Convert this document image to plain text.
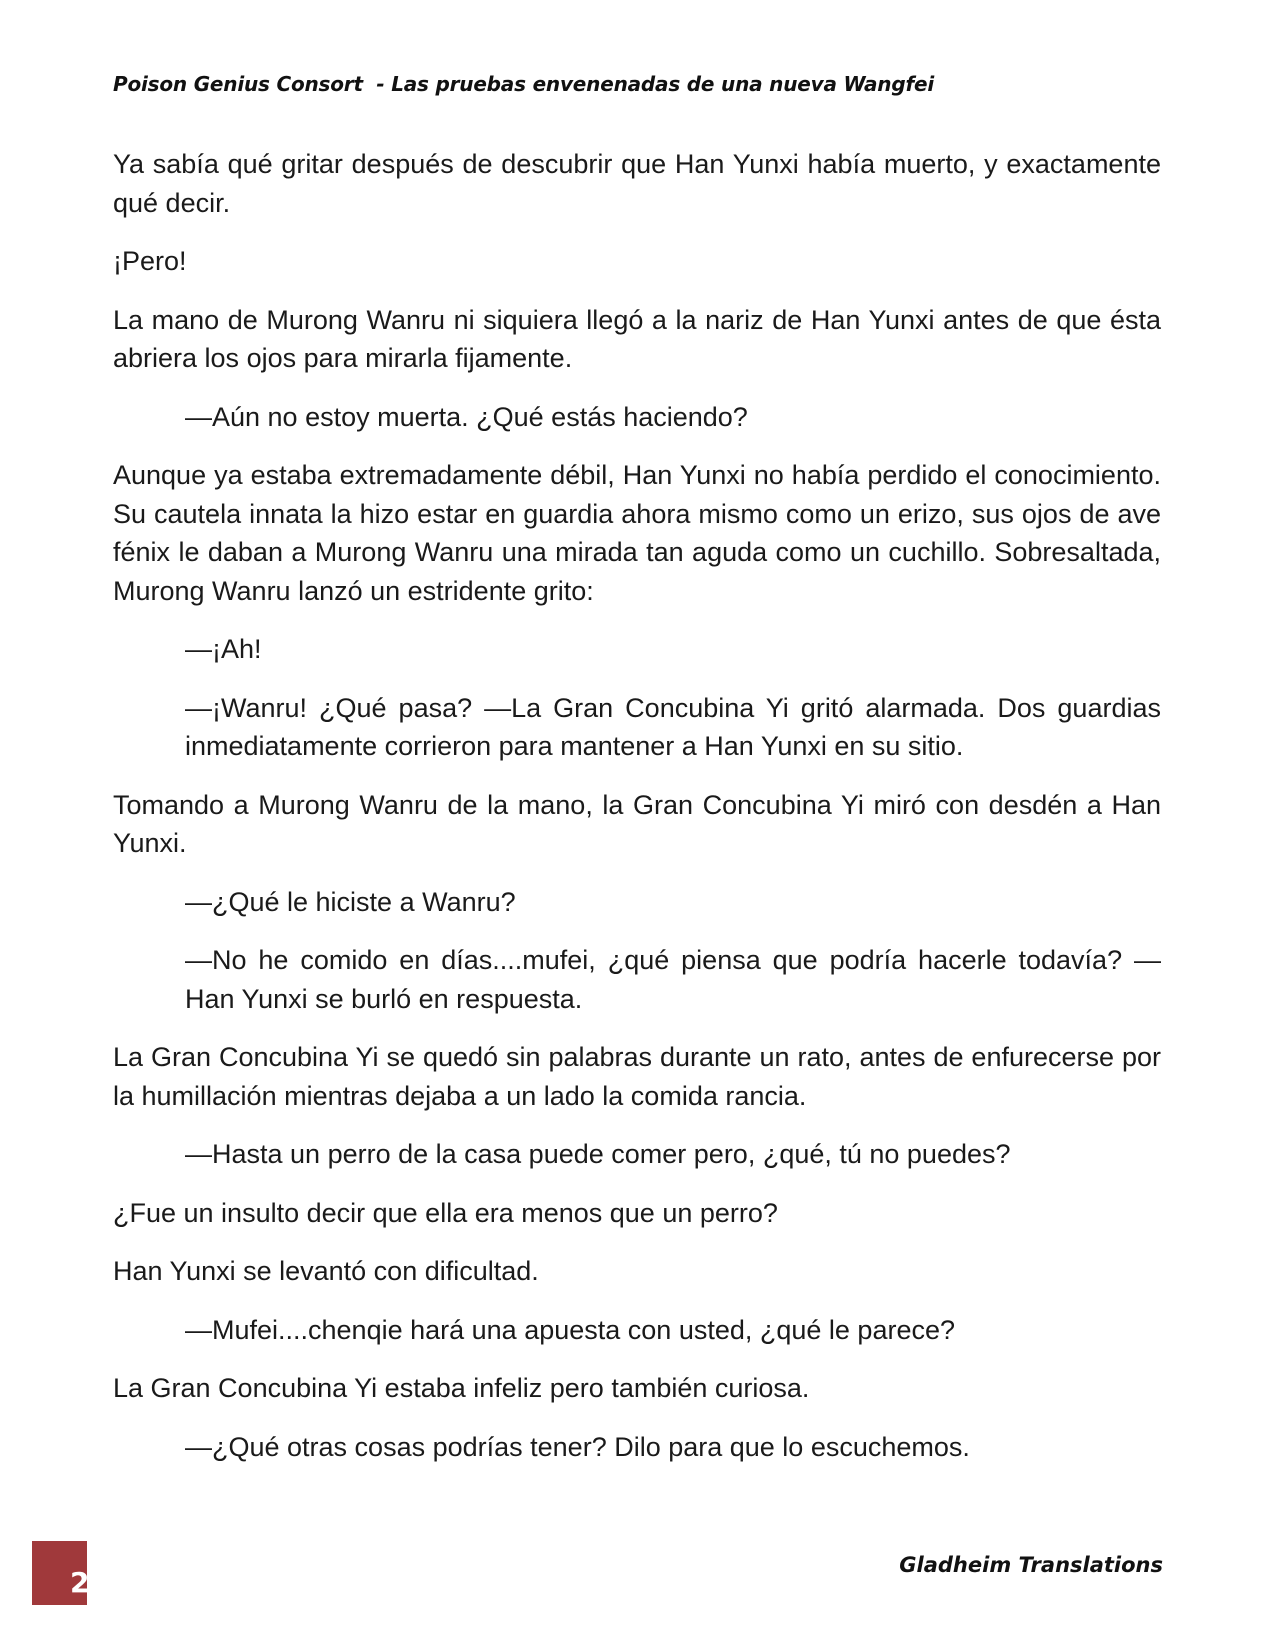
Poison Genius Consort  - Las pruebas envenenadas de una nueva Wangfei

Ya sabía qué gritar después de descubrir que Han Yunxi había muerto, y exactamente qué decir.

¡Pero!

La mano de Murong Wanru ni siquiera llegó a la nariz de Han Yunxi antes de que ésta abriera los ojos para mirarla fijamente.

—Aún no estoy muerta. ¿Qué estás haciendo?

Aunque ya estaba extremadamente débil, Han Yunxi no había perdido el conocimiento. Su cautela innata la hizo estar en guardia ahora mismo como un erizo, sus ojos de ave fénix le daban a Murong Wanru una mirada tan aguda como un cuchillo. Sobresaltada, Murong Wanru lanzó un estridente grito:

—¡Ah!

—¡Wanru! ¿Qué pasa? —La Gran Concubina Yi gritó alarmada. Dos guardias inmediatamente corrieron para mantener a Han Yunxi en su sitio.

Tomando a Murong Wanru de la mano, la Gran Concubina Yi miró con desdén a Han Yunxi.

—¿Qué le hiciste a Wanru?

—No he comido en días....mufei, ¿qué piensa que podría hacerle todavía? —Han Yunxi se burló en respuesta.

La Gran Concubina Yi se quedó sin palabras durante un rato, antes de enfurecerse por la humillación mientras dejaba a un lado la comida rancia.

—Hasta un perro de la casa puede comer pero, ¿qué, tú no puedes?

¿Fue un insulto decir que ella era menos que un perro?

Han Yunxi se levantó con dificultad.

—Mufei....chenqie hará una apuesta con usted, ¿qué le parece?

La Gran Concubina Yi estaba infeliz pero también curiosa.

—¿Qué otras cosas podrías tener? Dilo para que lo escuchemos.

2
Gladheim Translations
